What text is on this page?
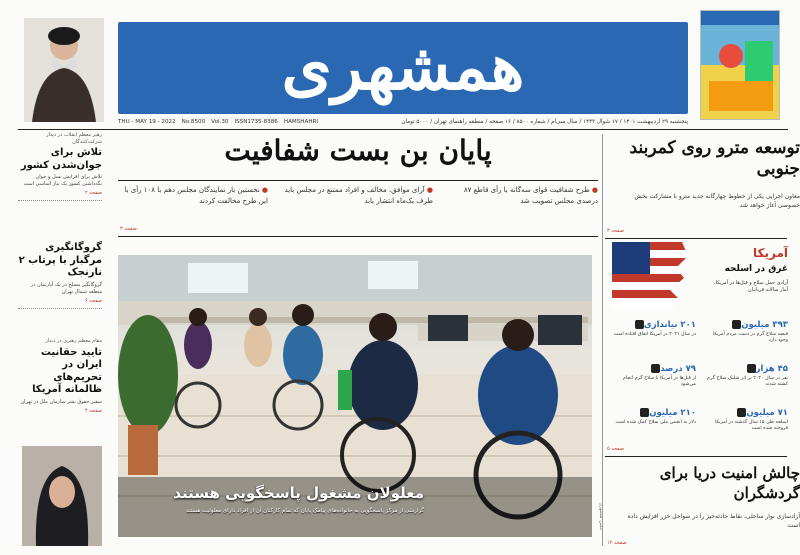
همشهری
پنجشنبه ۲۹ اردیبهشت ۱۴۰۱ / ۱۷ شوال ۱۴۴۳ / سال سی‌ام / شماره ۸۵۰۰ / ۱۶ صفحه / منطقه راهنمای تهران / ۵۰۰۰ تومان
THU - MAY 19 - 2022 No.8500 Vol.30 ISSN1735-8386 HAMSHAHRI
رهبر معظم انقلاب در دیدار شرکت‌کنندگان
تلاش برای جوان‌شدن کشور
تلاش برای افزایش نسل و جوان نگه‌داشتن کشور یک نیاز اساسی است
صفحه ۲
گروگانگیری مرگبار با پرتاب ۲ نارنجک
گروگانگیر مسلح در یک آپارتمان در منطقه شمال تهران
صفحه ۶
مقام معظم رهبری در دیدار
تایید حقانیت ایران در تحریم‌های ظالمانه آمریکا
سفیر حقوق بشر سازمان ملل در تهران
صفحه ۴
پایان بن بست شفافیت
● طرح شفافیت قوای سه‌گانه با رأی قاطع ۸۷ درصدی مجلس تصویب شد
● آرای موافق، مخالف و افراد ممتنع در مجلس باید طرف یک‌ماه انتشار یابد
● نخستین بار نمایندگان مجلس دهم با ۱۰۸ رأی با این طرح مخالفت کردند
صفحه ۳
معلولان مشغول پاسخگویی هستند
گزارشی از مرکز پاسخگویی به خانواده‌های پیامک پایان که تمام کارکنان آن از افراد دارای معلولیت هستند
توسعه مترو روی کمربند جنوبی
معاون اجرایی یکی از خطوط چهارگانه جدید مترو با مشارکت بخش خصوصی آغاز خواهد شد
صفحه ۳
آمریکا
غرق در اسلحه
آزادی حمل سلاح و قتل‌ها در آمریکا، آمار سالانه قربانیان
۳۹۳ میلیون
قبضه سلاح گرم در دست مردم آمریکا وجود دارد
۲۰۱ نیاندازی
در سال ۲۰۲۱ در آمریکا اتفاق افتاده است
۴۵ هزار
نفر در سال ۲۰۲۰ بر اثر شلیک سلاح گرم کشته شدند
۷۹ درصد
از قتل‌ها در آمریکا با سلاح گرم انجام می‌شود
۷۱ میلیون
اسلحه طی ۱۵ سال گذشته در آمریکا فروخته شده است
۲۱۰ میلیون
دلار به انجمن ملی سلاح کمک شده است
صفحه ۵
چالش امنیت دریا برای گردشگران
آزادسازی نوار ساحلی، نقاط حادثه‌خیز را در سواحل خزر افزایش داده است
صفحه ۱۲
